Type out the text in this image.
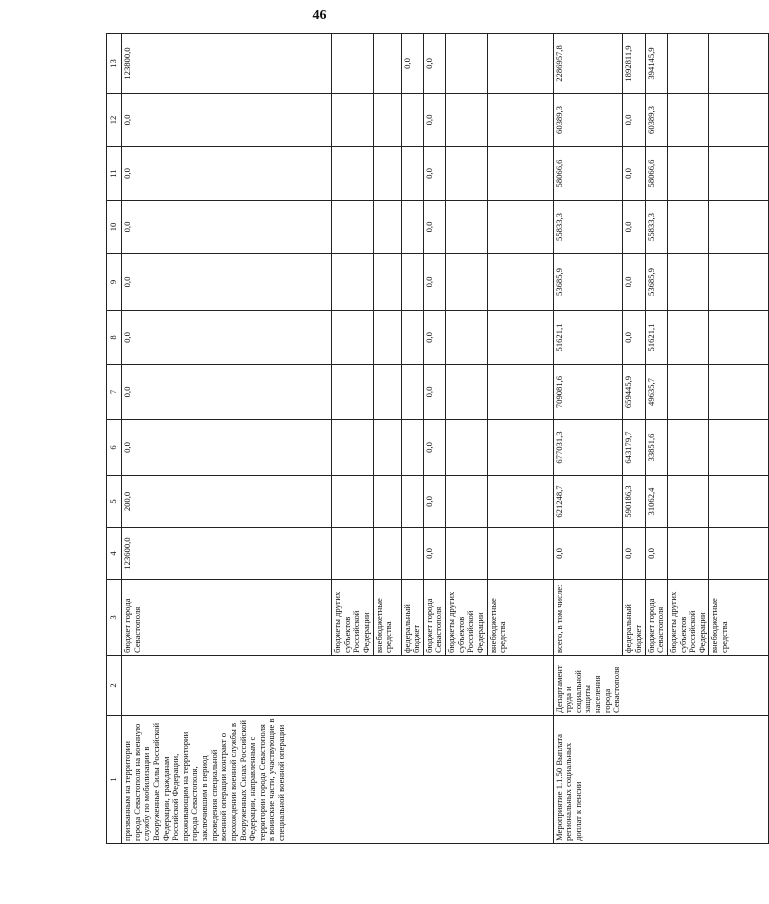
46
1	2	3	4	5	6	7	8	9	10	11	12	13
призванным на территории города Севастополя на военную службу по мобилизации в Вооруженные Силы Российской Федерации, гражданам Российской Федерации, проживающим на территории города Севастополя, заключившим в период проведения специальной военной операции контракт о прохождении военной службы в Вооруженных Силах Российской Федерации, направленным с территории города Севастополя в воинские части, участвующие в специальной военной операции		бюджет города Севастополя	123600,0	200,0	0,0	0,0	0,0	0,0	0,0	0,0	0,0	123800,0
		бюджеты других субъектов Российской Федерации										
		внебюджетные средства										
		федеральный бюджет										0,0
		бюджет города Севастополя	0,0	0,0	0,0	0,0	0,0	0,0	0,0	0,0	0,0	0,0
		бюджеты других субъектов Российской Федерации										
		внебюджетные средства										
Мероприятие 1.1.50 Выплата региональных социальных доплат к пенсии	Департамент труда и социальной защиты населения города Севастополя	всего, в том числе:	0,0	621248,7	677031,3	709081,6	51621,1	53685,9	55833,3	58066,6	60389,3	2286957,8
		федеральный бюджет	0,0	590186,3	643179,7	659445,9	0,0	0,0	0,0	0,0	0,0	1892811,9
		бюджет города Севастополя	0,0	31062,4	33851,6	49635,7	51621,1	53685,9	55833,3	58066,6	60389,3	394145,9
		бюджеты других субъектов Российской Федерации										
		внебюджетные средства										
